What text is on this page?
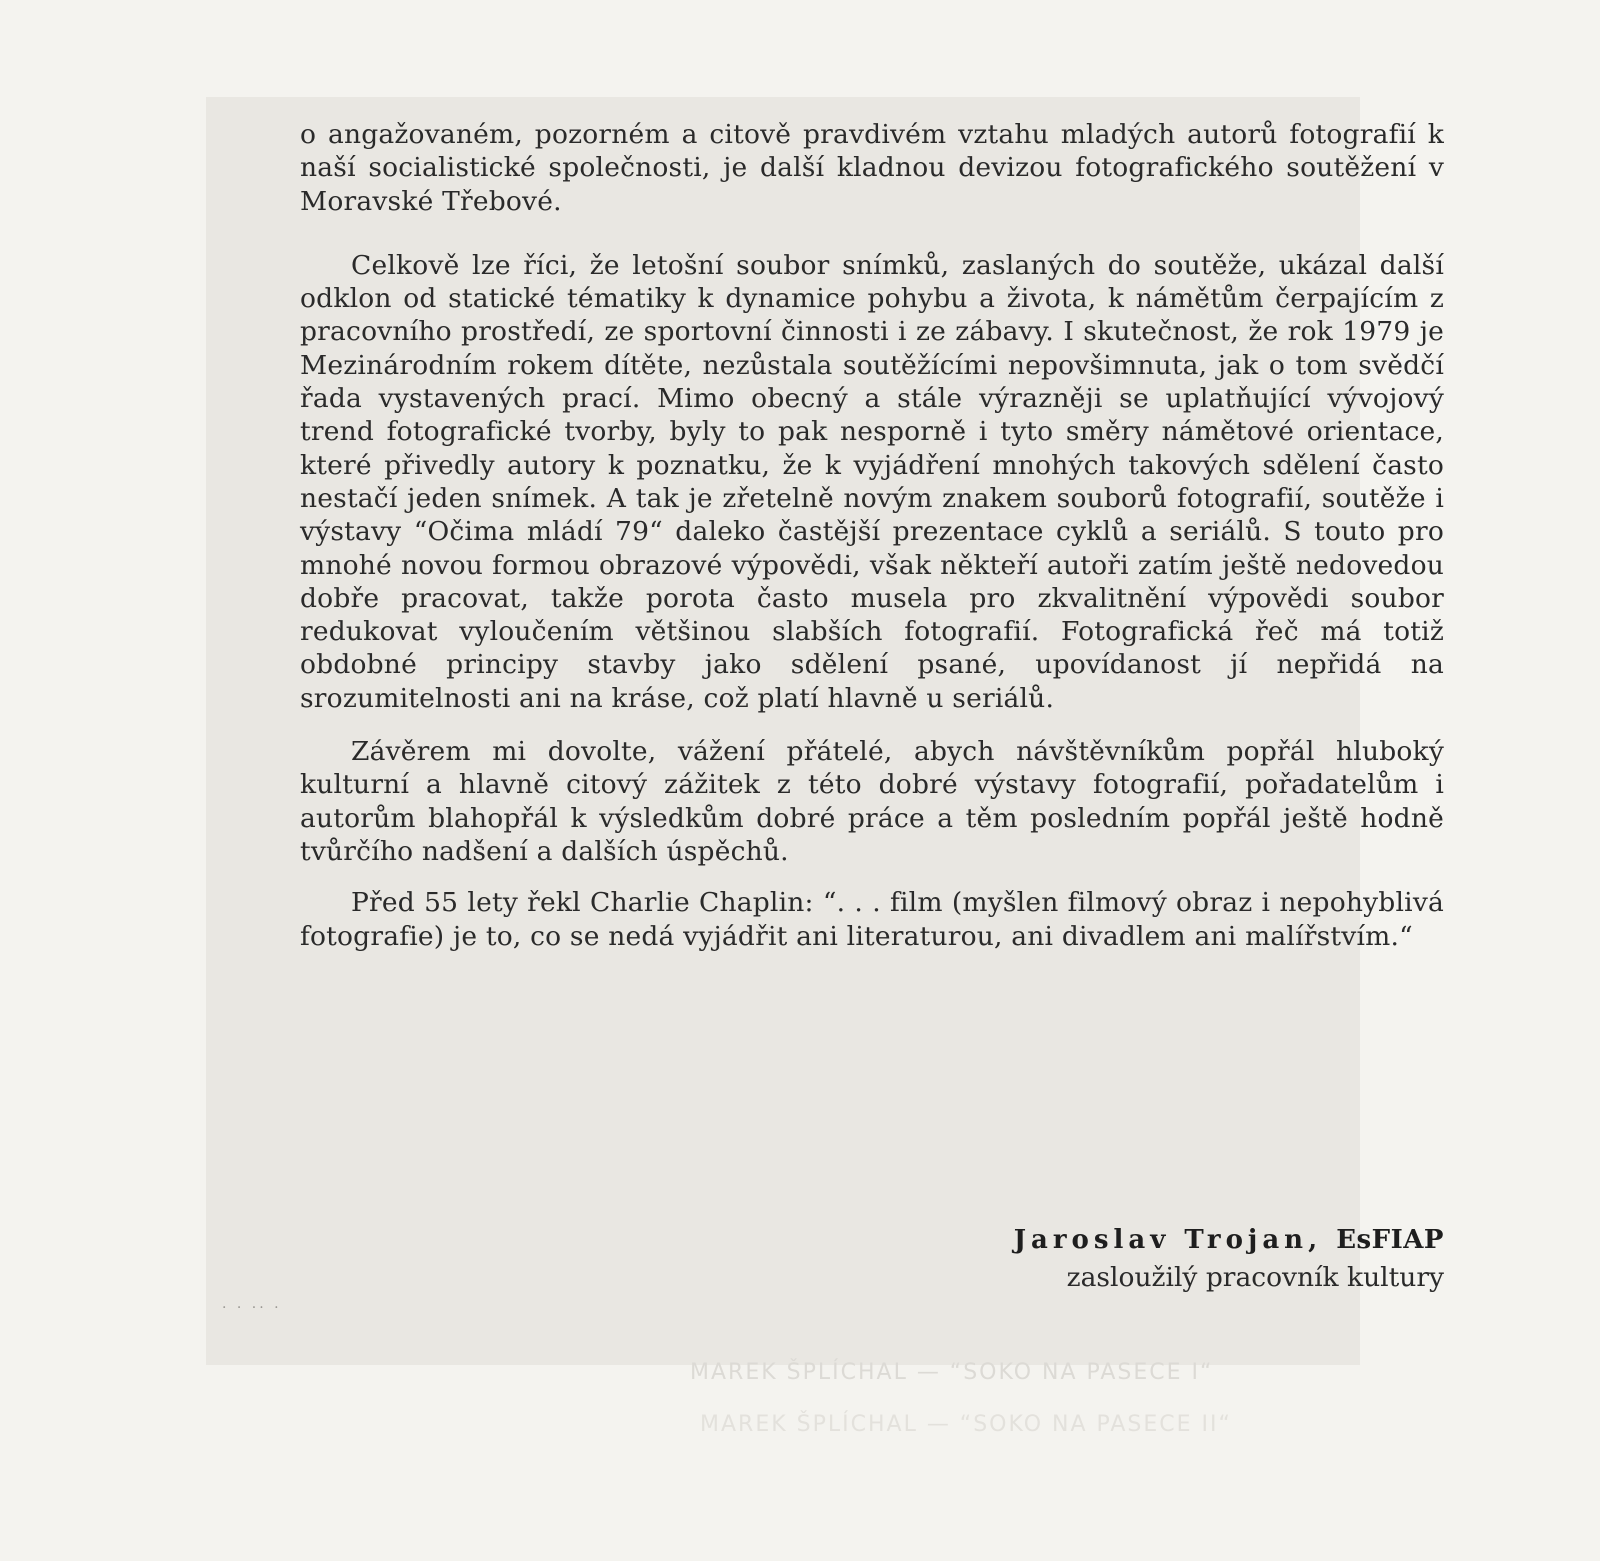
MAREK ŠPLÍCHAL — “SOKO NA PASECE I“
MAREK ŠPLÍCHAL — “SOKO NA PASECE II“
· · ·· ·

o angažovaném, pozorném a citově pravdivém vztahu mladých autorů fotografií k naší socialistické společnosti, je další kladnou devizou fotografického soutěžení v Moravské Třebové.

Celkově lze říci, že letošní soubor snímků, zaslaných do soutěže, ukázal další odklon od statické tématiky k dynamice pohybu a života, k námětům čerpajícím z pracovního prostředí, ze sportovní činnosti i ze zábavy. I skutečnost, že rok 1979 je Mezinárodním rokem dítěte, nezůstala soutěžícími nepovšimnuta, jak o tom svědčí řada vystavených prací. Mimo obecný a stále výrazněji se uplatňující vývojový trend fotografické tvorby, byly to pak nesporně i tyto směry námětové orientace, které přivedly autory k poznatku, že k vyjádření mnohých takových sdělení často nestačí jeden snímek. A tak je zřetelně novým znakem souborů fotografií, soutěže i výstavy “Očima mládí 79“ daleko častější prezentace cyklů a seriálů. S touto pro mnohé novou formou obrazové výpovědi, však někteří autoři zatím ještě nedovedou dobře pracovat, takže porota často musela pro zkvalitnění výpovědi soubor redukovat vyloučením většinou slabších fotografií. Fotografická řeč má totiž obdobné principy stavby jako sdělení psané, upovídanost jí nepřidá na srozumitelnosti ani na kráse, což platí hlavně u seriálů.

Závěrem mi dovolte, vážení přátelé, abych návštěvníkům popřál hluboký kulturní a hlavně citový zážitek z této dobré výstavy fotografií, pořadatelům i autorům blahopřál k výsledkům dobré práce a těm posledním popřál ještě hodně tvůrčího nadšení a dalších úspěchů.

Před 55 lety řekl Charlie Chaplin: “. . . film (myšlen filmový obraz i nepohyblivá fotografie) je to, co se nedá vyjádřit ani literaturou, ani divadlem ani malířstvím.“

Jaroslav Trojan, EsFIAP
zasloužilý pracovník kultury
